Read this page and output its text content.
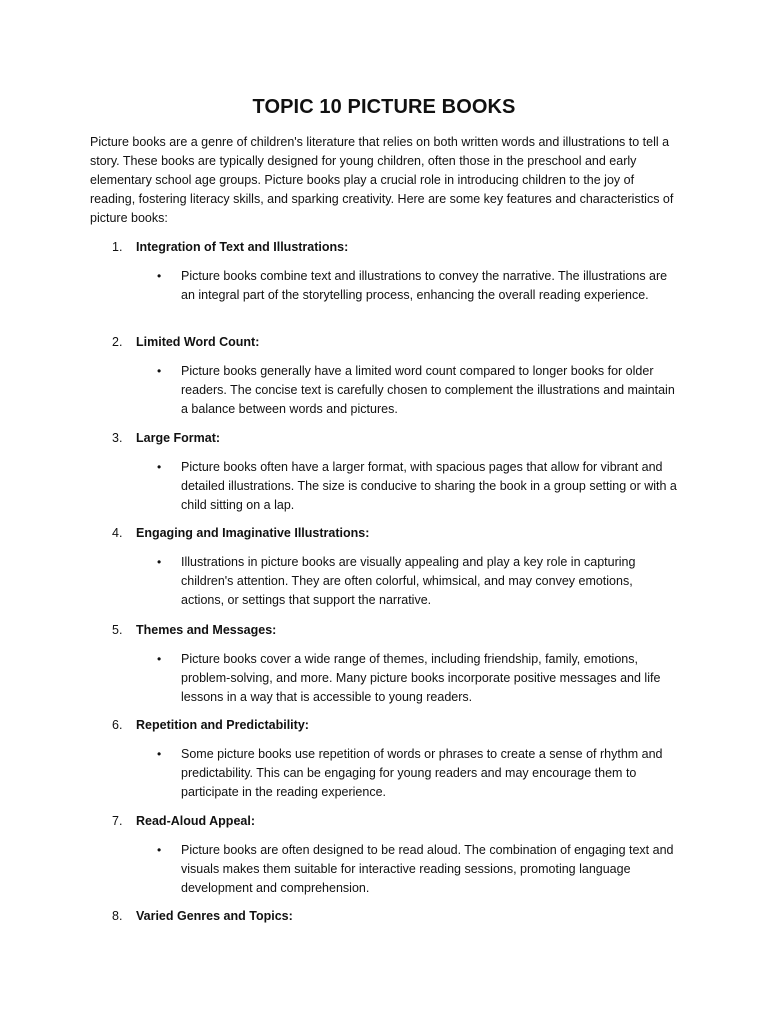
TOPIC 10 PICTURE BOOKS

Picture books are a genre of children's literature that relies on both written words and illustrations to tell a story. These books are typically designed for young children, often those in the preschool and early elementary school age groups. Picture books play a crucial role in introducing children to the joy of reading, fostering literacy skills, and sparking creativity. Here are some key features and characteristics of picture books:

1. Integration of Text and Illustrations:
• Picture books combine text and illustrations to convey the narrative. The illustrations are an integral part of the storytelling process, enhancing the overall reading experience.

2. Limited Word Count:
• Picture books generally have a limited word count compared to longer books for older readers. The concise text is carefully chosen to complement the illustrations and maintain a balance between words and pictures.

3. Large Format:
• Picture books often have a larger format, with spacious pages that allow for vibrant and detailed illustrations. The size is conducive to sharing the book in a group setting or with a child sitting on a lap.

4. Engaging and Imaginative Illustrations:
• Illustrations in picture books are visually appealing and play a key role in capturing children's attention. They are often colorful, whimsical, and may convey emotions, actions, or settings that support the narrative.

5. Themes and Messages:
• Picture books cover a wide range of themes, including friendship, family, emotions, problem-solving, and more. Many picture books incorporate positive messages and life lessons in a way that is accessible to young readers.

6. Repetition and Predictability:
• Some picture books use repetition of words or phrases to create a sense of rhythm and predictability. This can be engaging for young readers and may encourage them to participate in the reading experience.

7. Read-Aloud Appeal:
• Picture books are often designed to be read aloud. The combination of engaging text and visuals makes them suitable for interactive reading sessions, promoting language development and comprehension.

8. Varied Genres and Topics:
